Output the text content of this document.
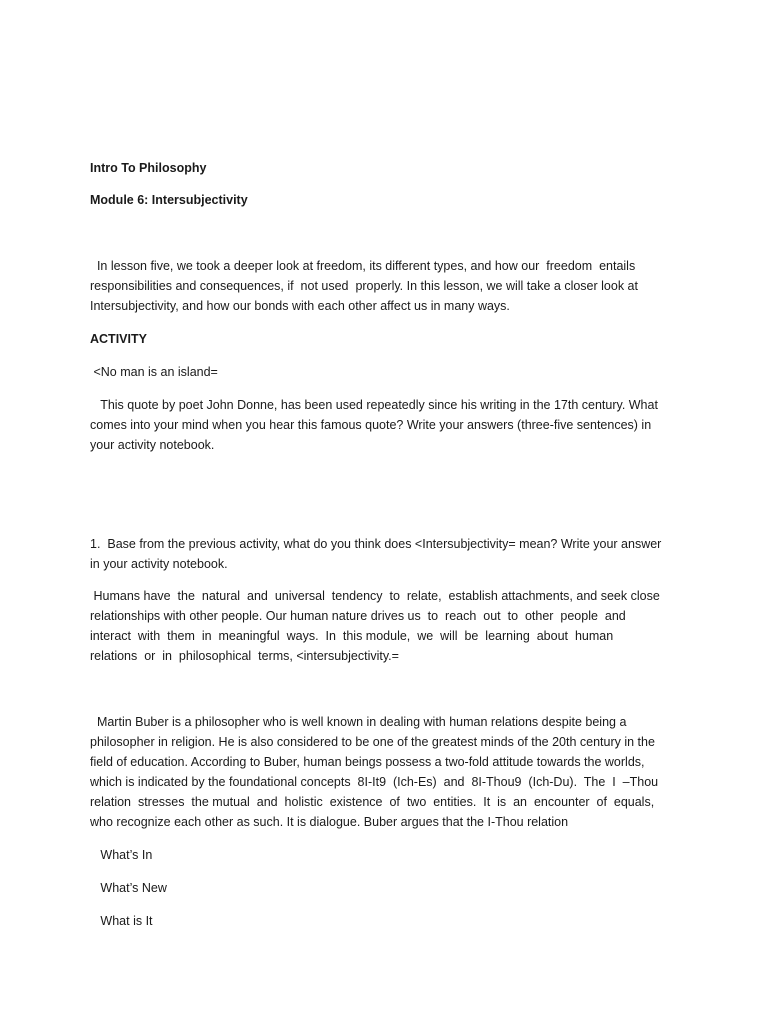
Intro To Philosophy

Module 6: Intersubjectivity

In lesson five, we took a deeper look at freedom, its different types, and how our  freedom  entails
responsibilities and consequences, if  not used  properly. In this lesson, we will take a closer look at
Intersubjectivity, and how our bonds with each other affect us in many ways.

ACTIVITY

<No man is an island=

This quote by poet John Donne, has been used repeatedly since his writing in the 17th century. What
comes into your mind when you hear this famous quote? Write your answers (three-five sentences) in
your activity notebook.
1.  Base from the previous activity, what do you think does <Intersubjectivity= mean? Write your answer
in your activity notebook.
Humans have  the  natural  and  universal  tendency  to  relate,  establish attachments, and seek close
relationships with other people. Our human nature drives us  to  reach  out  to  other  people  and
interact  with  them  in  meaningful  ways.  In  this module,  we  will  be  learning  about  human
relations  or  in  philosophical  terms, <intersubjectivity.=
Martin Buber is a philosopher who is well known in dealing with human relations despite being a
philosopher in religion. He is also considered to be one of the greatest minds of the 20th century in the
field of education. According to Buber, human beings possess a two-fold attitude towards the worlds,
which is indicated by the foundational concepts  8I-It9  (Ich-Es)  and  8I-Thou9  (Ich-Du).  The  I  –Thou
relation  stresses  the mutual  and  holistic  existence  of  two  entities.  It  is  an  encounter  of  equals,
who recognize each other as such. It is dialogue. Buber argues that the I-Thou relation

What’s In

What’s New

What is It
